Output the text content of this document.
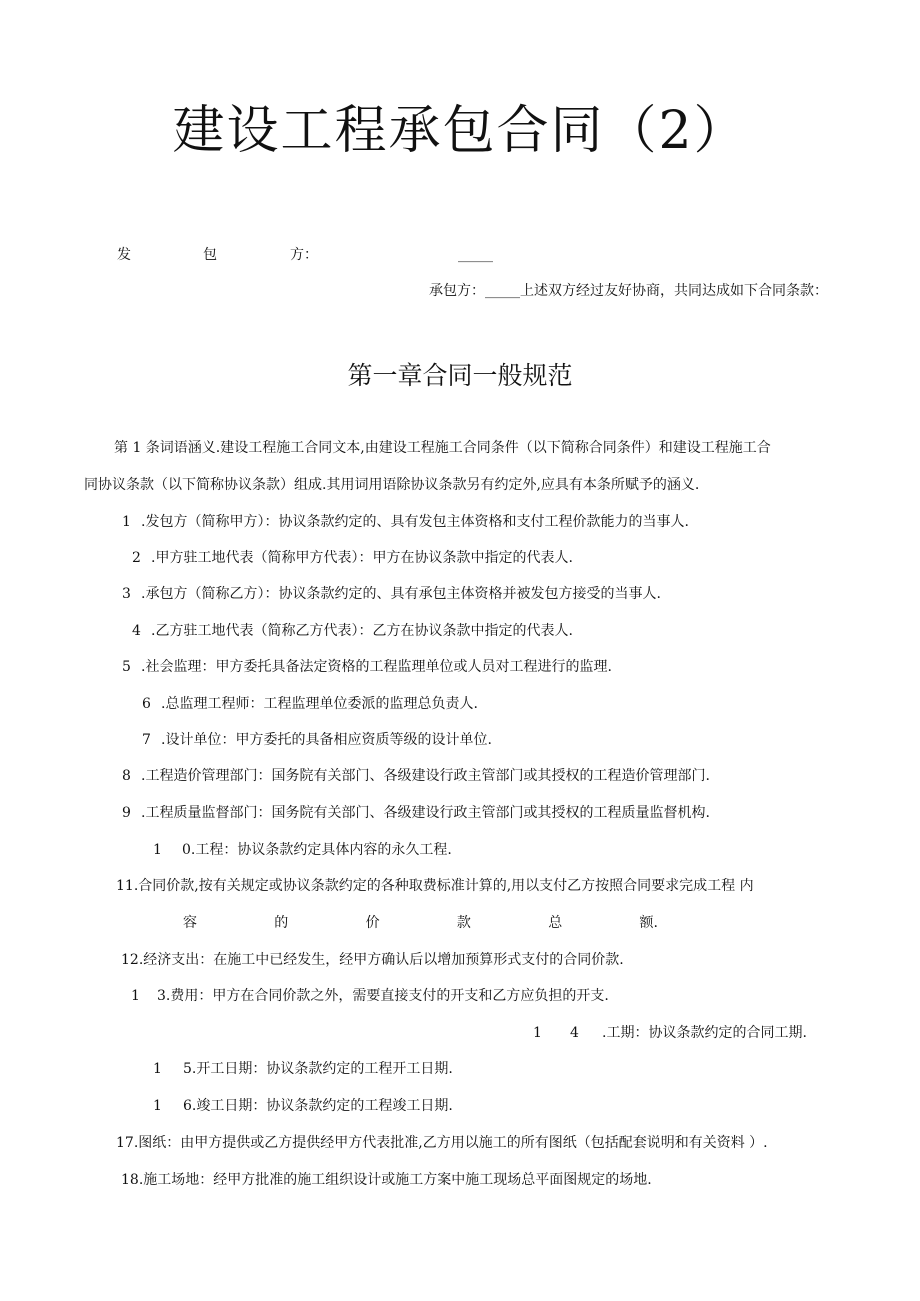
建设工程承包合同（2）
发	包	方：	_____
承包方：_____上述双方经过友好协商，共同达成如下合同条款：
第一章合同一般规范
第 1 条词语涵义.建设工程施工合同文本,由建设工程施工合同条件（以下简称合同条件）和建设工程施工合
同协议条款（以下简称协议条款）组成.其用词用语除协议条款另有约定外,应具有本条所赋予的涵义.
1 .发包方（简称甲方）：协议条款约定的、具有发包主体资格和支付工程价款能力的当事人.
2 .甲方驻工地代表（简称甲方代表）：甲方在协议条款中指定的代表人.
3 .承包方（简称乙方）：协议条款约定的、具有承包主体资格并被发包方接受的当事人.
4 .乙方驻工地代表（简称乙方代表）：乙方在协议条款中指定的代表人.
5 .社会监理：甲方委托具备法定资格的工程监理单位或人员对工程进行的监理.
6 .总监理工程师：工程监理单位委派的监理总负责人.
7 .设计单位：甲方委托的具备相应资质等级的设计单位.
8 .工程造价管理部门：国务院有关部门、各级建设行政主管部门或其授权的工程造价管理部门.
9 .工程质量监督部门：国务院有关部门、各级建设行政主管部门或其授权的工程质量监督机构.
1 0.工程：协议条款约定具体内容的永久工程.
11.合同价款,按有关规定或协议条款约定的各种取费标准计算的,用以支付乙方按照合同要求完成工程 内
容	的	价	款	总	额.
12.经济支出：在施工中已经发生，经甲方确认后以增加预算形式支付的合同价款.
1 3.费用：甲方在合同价款之外，需要直接支付的开支和乙方应负担的开支.
1 4 .工期：协议条款约定的合同工期.
1 5.开工日期：协议条款约定的工程开工日期.
1 6.竣工日期：协议条款约定的工程竣工日期.
17.图纸：由甲方提供或乙方提供经甲方代表批准,乙方用以施工的所有图纸（包括配套说明和有关资料 ）.
18.施工场地：经甲方批准的施工组织设计或施工方案中施工现场总平面图规定的场地.
